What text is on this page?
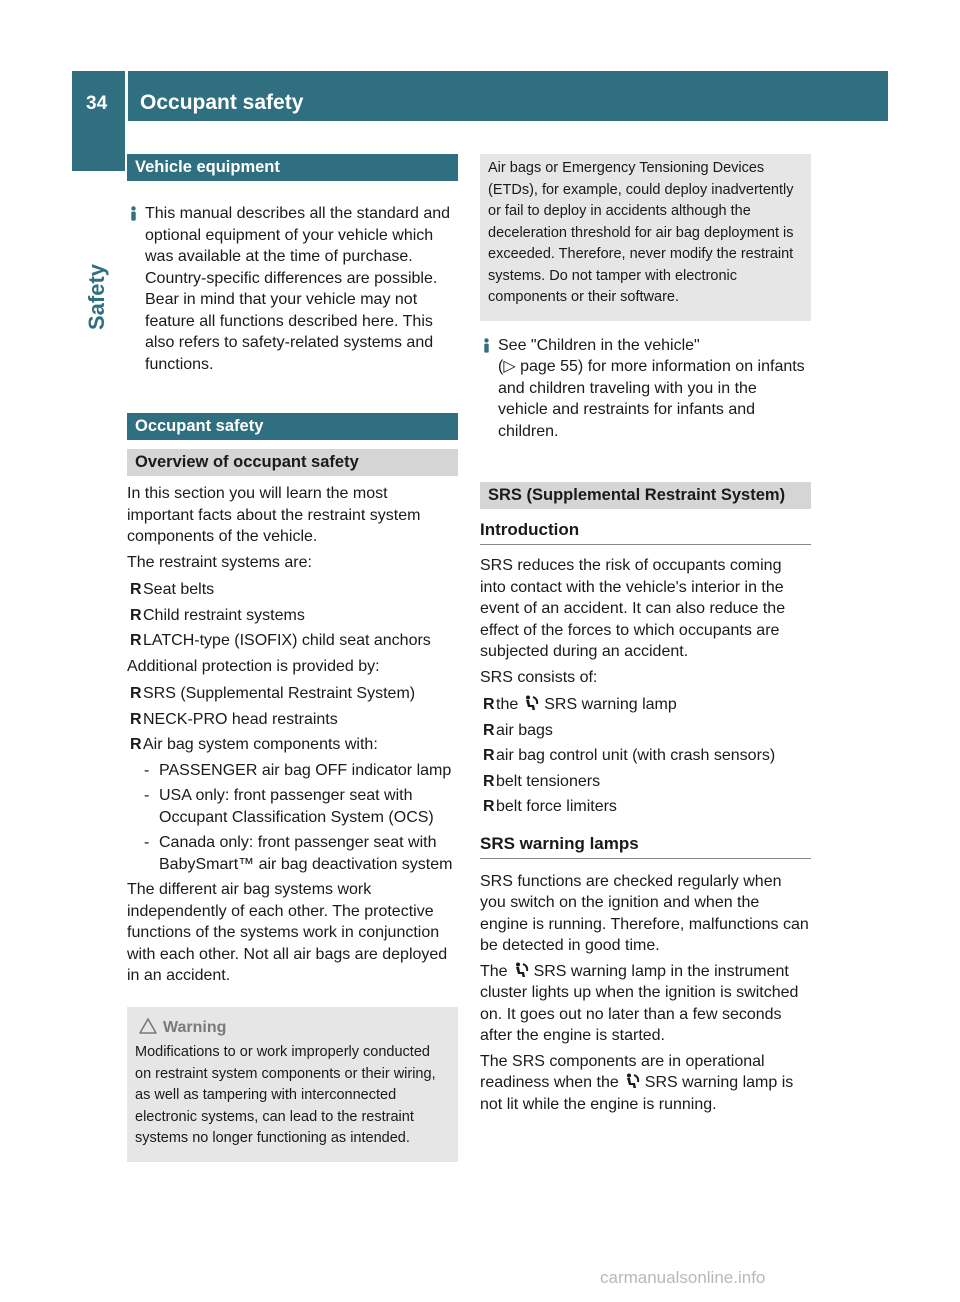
34 Occupant safety
Safety
Vehicle equipment

This manual describes all the standard and optional equipment of your vehicle which was available at the time of purchase. Country-specific differences are possible. Bear in mind that your vehicle may not feature all functions described here. This also refers to safety-related systems and functions.

Occupant safety
Overview of occupant safety

In this section you will learn the most important facts about the restraint system components of the vehicle.

The restraint systems are:

R Seat belts
R Child restraint systems
R LATCH-type (ISOFIX) child seat anchors

Additional protection is provided by:

R SRS (Supplemental Restraint System)
R NECK-PRO head restraints
R Air bag system components with:
- PASSENGER air bag OFF indicator lamp
- USA only: front passenger seat with Occupant Classification System (OCS)
- Canada only: front passenger seat with BabySmart™ air bag deactivation system

The different air bag systems work independently of each other. The protective functions of the systems work in conjunction with each other. Not all air bags are deployed in an accident.

Warning

Modifications to or work improperly conducted on restraint system components or their wiring, as well as tampering with interconnected electronic systems, can lead to the restraint systems no longer functioning as intended.

Air bags or Emergency Tensioning Devices (ETDs), for example, could deploy inadvertently or fail to deploy in accidents although the deceleration threshold for air bag deployment is exceeded. Therefore, never modify the restraint systems. Do not tamper with electronic components or their software.

See "Children in the vehicle"
(▷ page 55) for more information on infants and children traveling with you in the vehicle and restraints for infants and children.

SRS (Supplemental Restraint System)
Introduction

SRS reduces the risk of occupants coming into contact with the vehicle's interior in the event of an accident. It can also reduce the effect of the forces to which occupants are subjected during an accident.

SRS consists of:

R the SRS warning lamp
R air bags
R air bag control unit (with crash sensors)
R belt tensioners
R belt force limiters
SRS warning lamps

SRS functions are checked regularly when you switch on the ignition and when the engine is running. Therefore, malfunctions can be detected in good time.

The SRS warning lamp in the instrument cluster lights up when the ignition is switched on. It goes out no later than a few seconds after the engine is started.

The SRS components are in operational readiness when the SRS warning lamp is not lit while the engine is running.

carmanualsonline.info
